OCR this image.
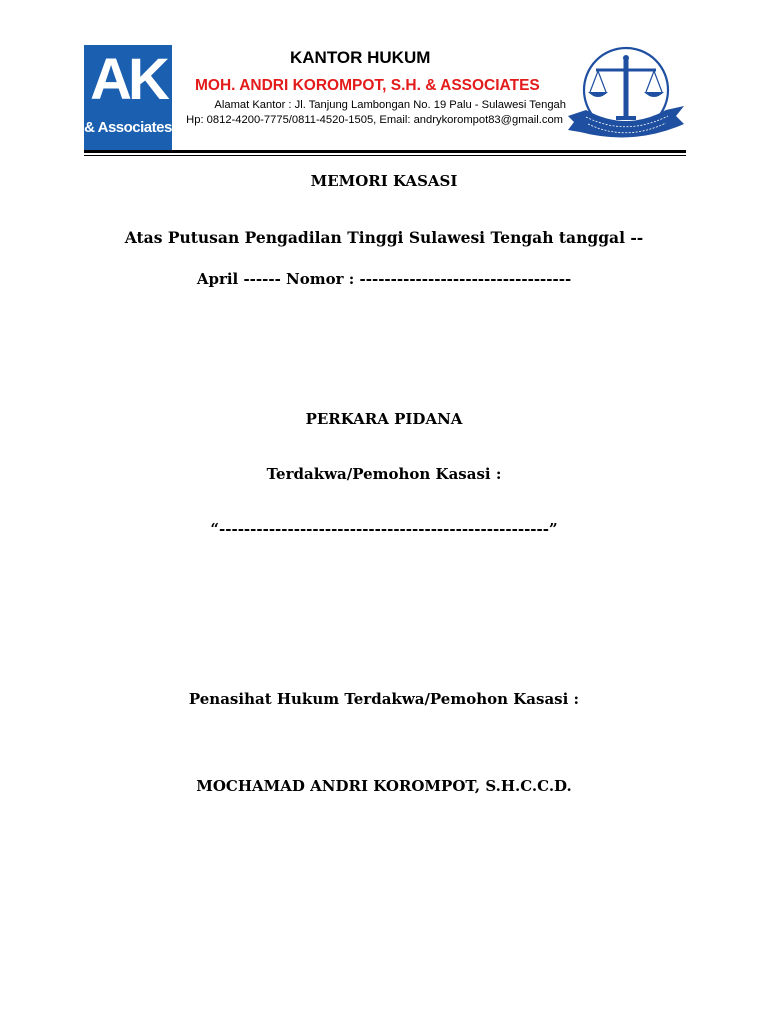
AK
& Associates
KANTOR HUKUM
MOH. ANDRI KOROMPOT, S.H. & ASSOCIATES
Alamat Kantor : Jl. Tanjung Lambongan No. 19 Palu - Sulawesi Tengah
Hp: 0812-4200-7775/0811-4520-1505, Email: andrykorompot83@gmail.com
MEMORI KASASI
Atas Putusan Pengadilan Tinggi Sulawesi Tengah tanggal --
April ------ Nomor : ----------------------------------
PERKARA PIDANA
Terdakwa/Pemohon Kasasi :
“-----------------------------------------------------”
Penasihat Hukum Terdakwa/Pemohon Kasasi :
MOCHAMAD ANDRI KOROMPOT, S.H.C.C.D.
